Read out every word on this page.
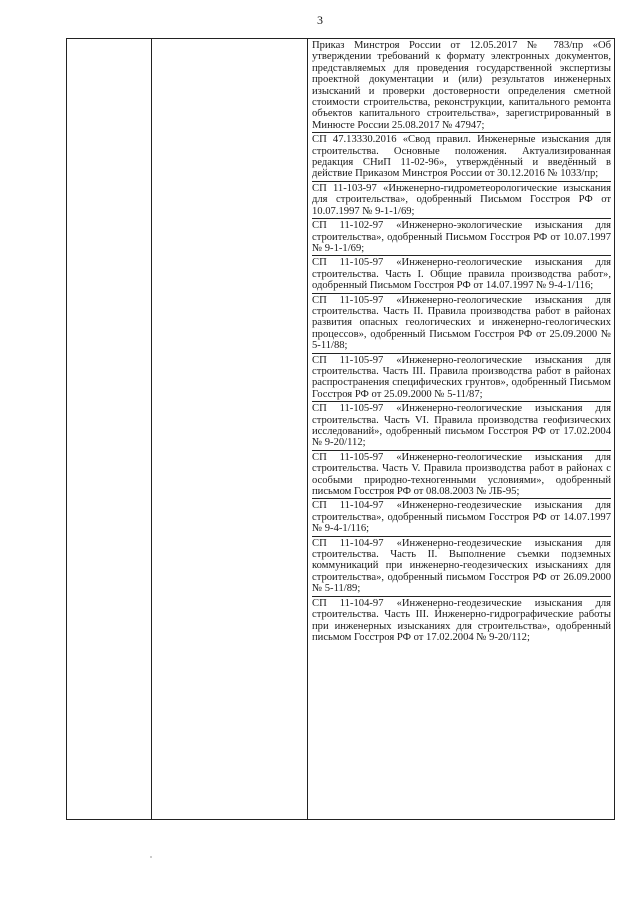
3

Приказ Минстроя России от 12.05.2017 № 783/пр «Об утверждении требований к формату электронных документов, представляемых для проведения государственной экспертизы проектной документации и (или) результатов инженерных изысканий и проверки достоверности определения сметной стоимости строительства, реконструкции, капитального ремонта объектов капитального строительства», зарегистрированный в Минюсте России 25.08.2017 № 47947;

СП 47.13330.2016 «Свод правил. Инженерные изыскания для строительства. Основные положения. Актуализированная редакция СНиП 11-02-96», утверждённый и введённый в действие Приказом Минстроя России от 30.12.2016 № 1033/пр;

СП 11-103-97 «Инженерно-гидрометеорологические изыскания для строительства», одобренный Письмом Госстроя РФ от 10.07.1997 № 9-1-1/69;

СП 11-102-97 «Инженерно-экологические изыскания для строительства», одобренный Письмом Госстроя РФ от 10.07.1997 № 9-1-1/69;

СП 11-105-97 «Инженерно-геологические изыскания для строительства. Часть I. Общие правила производства работ», одобренный Письмом Госстроя РФ от 14.07.1997 № 9-4-1/116;

СП 11-105-97 «Инженерно-геологические изыскания для строительства. Часть II. Правила производства работ в районах развития опасных геологических и инженерно-геологических процессов», одобренный Письмом Госстроя РФ от 25.09.2000 № 5-11/88;

СП 11-105-97 «Инженерно-геологические изыскания для строительства. Часть III. Правила производства работ в районах распространения специфических грунтов», одобренный Письмом Госстроя РФ от 25.09.2000 № 5-11/87;

СП 11-105-97 «Инженерно-геологические изыскания для строительства. Часть VI. Правила производства геофизических исследований», одобренный письмом Госстроя РФ от 17.02.2004 № 9-20/112;

СП 11-105-97 «Инженерно-геологические изыскания для строительства. Часть V. Правила производства работ в районах с особыми природно-техногенными условиями», одобренный письмом Госстроя РФ от 08.08.2003 № ЛБ-95;

СП 11-104-97 «Инженерно-геодезические изыскания для строительства», одобренный письмом Госстроя РФ от 14.07.1997 № 9-4-1/116;

СП 11-104-97 «Инженерно-геодезические изыскания для строительства. Часть II. Выполнение съемки подземных коммуникаций при инженерно-геодезических изысканиях для строительства», одобренный письмом Госстроя РФ от 26.09.2000 № 5-11/89;

СП 11-104-97 «Инженерно-геодезические изыскания для строительства. Часть III. Инженерно-гидрографические работы при инженерных изысканиях для строительства», одобренный письмом Госстроя РФ от 17.02.2004 № 9-20/112;
